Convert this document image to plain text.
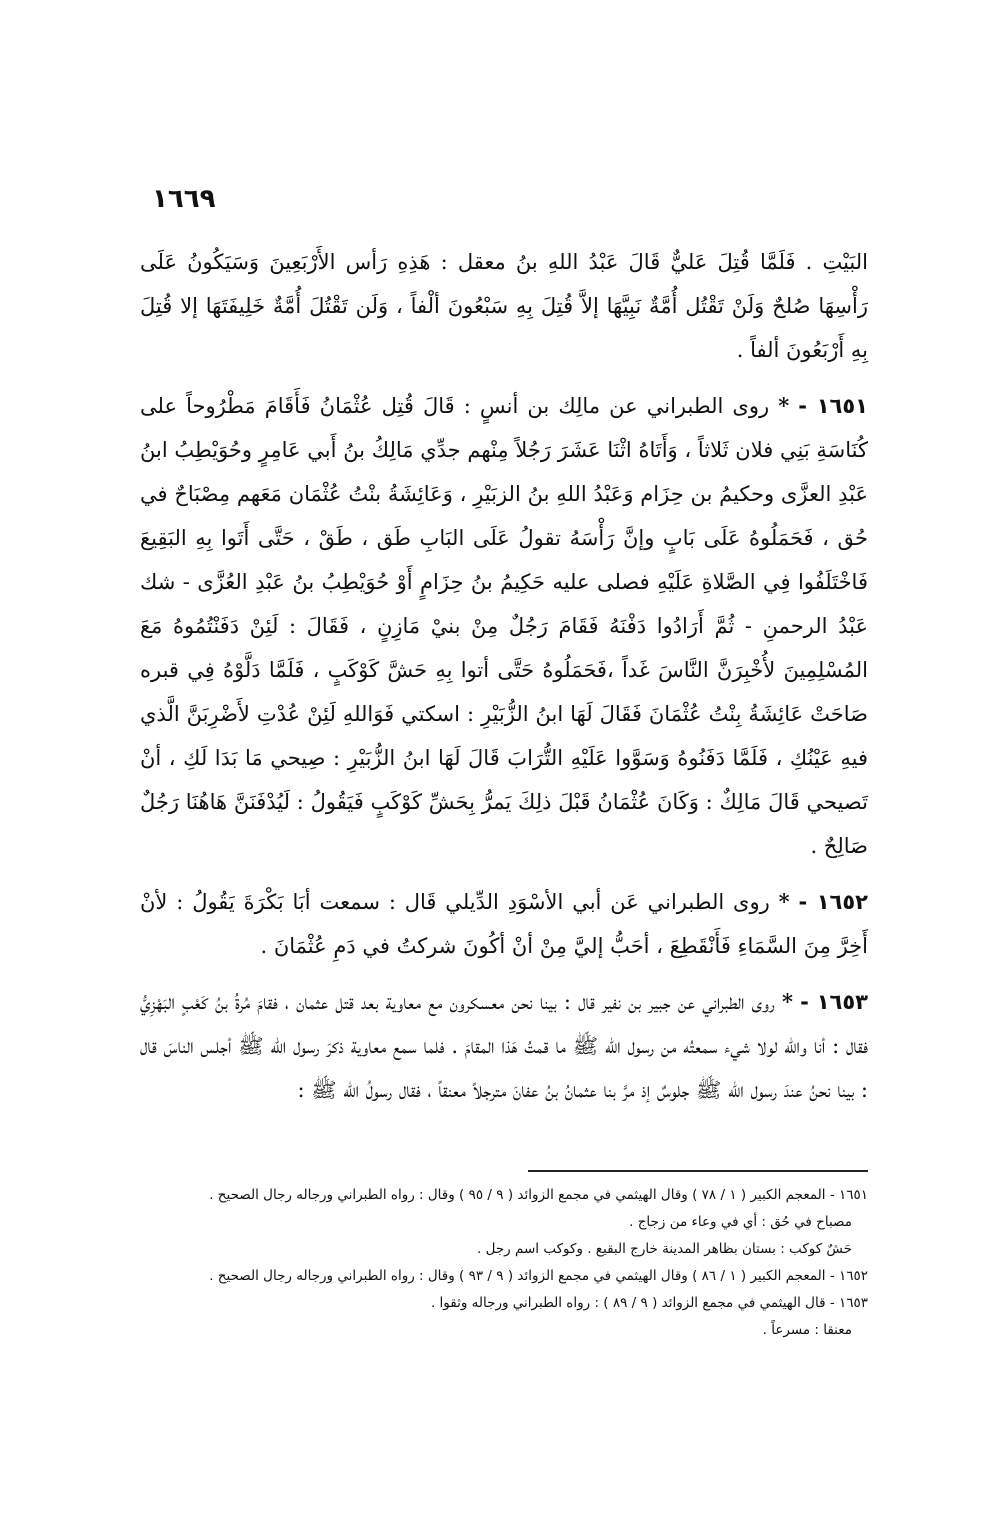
١٦٦٩

البَيْتِ . فَلَمَّا قُتِلَ عَليٌّ قَالَ عَبْدُ اللهِ بنُ معقل : هَذِهِ رَأس الأَرْبَعِينَ وَسَيَكُونُ عَلَى رَأْسِهَا صُلحٌ وَلَنْ تَقْتُل أُمَّةٌ نَبِيَّهَا إلاَّ قُتِلَ بِهِ سَبْعُونَ ألْفاً ، وَلَن تَقْتُلَ أُمَّةٌ خَلِيفَتَهَا إلا قُتِلَ بِهِ أَرْبَعُونَ ألفاً .

١٦٥١ - * روى الطبراني عن مالِك بن أنسٍ : قَالَ قُتِل عُثْمَانُ فَأَقَامَ مَطْرُوحاً على كُنَاسَةِ بَنِي فلان ثَلاثاً ، وَأَتَاهُ اثْنَا عَشَرَ رَجُلاً مِنْهم جدِّي مَالِكُ بنُ أَبي عَامِرٍ وحُوَيْطِبُ ابنُ عَبْدِ العزَّى وحكيمُ بن حِزَام وَعَبْدُ اللهِ بنُ الزبَيْرِ ، وَعَائِشَةُ بنْتُ عُثْمَان مَعَهم مِصْبَاحٌ في حُق ، فَحَمَلُوهُ عَلَى بَابٍ وإنَّ رَأْسَهُ تقولُ عَلَى البَابِ طَق ، طَقْ ، حَتَّى أَتَوا بِهِ البَقِيعَ فَاخْتَلَفُوا فِي الصَّلاةِ عَلَيْهِ فصلى عليه حَكِيمُ بنُ حِزَامٍ أَوْ حُوَيْطِبُ بنُ عَبْدِ العُزَّى - شك عَبْدُ الرحمنِ - ثُمَّ أَرَادُوا دَفْنَهُ فَقَامَ رَجُلٌ مِنْ بنيْ مَازِنٍ ، فَقَالَ : لَئِنْ دَفَنْتُمُوهُ مَعَ المُسْلِمِينَ لأُخْبِرَنَّ النَّاسَ غَداً ،فَحَمَلُوهُ حَتَّى أتوا بِهِ حَشَّ كَوْكَبٍ ، فَلَمَّا دَلَّوْهُ فِي قبره صَاحَتْ عَائِشَةُ بِنْتُ عُثْمَانَ فَقَالَ لَهَا ابنُ الزُّبَيْرِ : اسكتي فَوَاللهِ لَئِنْ عُدْتِ لأَضْرِبَنَّ الَّذي فيهِ عَيْنُكِ ، فَلَمَّا دَفَنُوهُ وَسَوَّوا عَلَيْهِ التُّرَابَ قَالَ لَهَا ابنُ الزُّبَيْرِ : صِيحي مَا بَدَا لَكِ ، أنْ تَصيحي قَالَ مَالِكٌ : وَكَانَ عُثْمَانُ قَبْلَ ذلِكَ يَمرُّ بِحَشِّ كَوْكَبٍ فَيَقُولُ : لَيُدْفَنَنَّ هَاهُنَا رَجُلٌ صَالِحٌ .

١٦٥٢ - * روى الطبراني عَن أبي الأسْوَدِ الدِّيلي قَال : سمعت أبَا بَكْرَةَ يَقُولُ : لأنْ أَخِرَّ مِنَ السَّمَاءِ فَأَنْقَطِعَ ، أحَبُّ إليَّ مِنْ أنْ أكُونَ شركتُ في دَمِ عُثْمَانَ .

١٦٥٣ - * روى الطبراني عن جبير بن نفير قال : بينا نحن معسكرون مع معاوية بعد قتل عثمان ، فقامَ مُرةُ بنُ كَعْبٍ البَهْزِيُّ فقال : أنا والله لولا شيء سمعتُه من رسول الله ﷺ ما قمتُ هَذا المقامَ . فلما سمع معاوية ذكرَ رسول الله ﷺ أجلس الناسَ قال : بينا نحنُ عندَ رسول الله ﷺ جلوسٌ إذ مرَّ بنا عثمانُ بنُ عفانَ مترجلاً معنقاً ، فقال رسولُ الله ﷺ :

١٦٥١ - المعجم الكبير ( ١ / ٧٨ ) وقال الهيثمي في مجمع الزوائد ( ٩ / ٩٥ ) وقال : رواه الطبراني ورجاله رجال الصحيح .

مصباح في حُق : أي في وعاء من زجاج .

حَشٌ كوكب : بستان بظاهر المدينة خارج البقيع . وكوكب اسم رجل .

١٦٥٢ - المعجم الكبير ( ١ / ٨٦ ) وقال الهيثمي في مجمع الزوائد ( ٩ / ٩٣ ) وقال : رواه الطبراني ورجاله رجال الصحيح .

١٦٥٣ - قال الهيثمي في مجمع الزوائد ( ٩ / ٨٩ ) : رواه الطبراني ورجاله وثقوا .

معنقا : مسرعاً .
